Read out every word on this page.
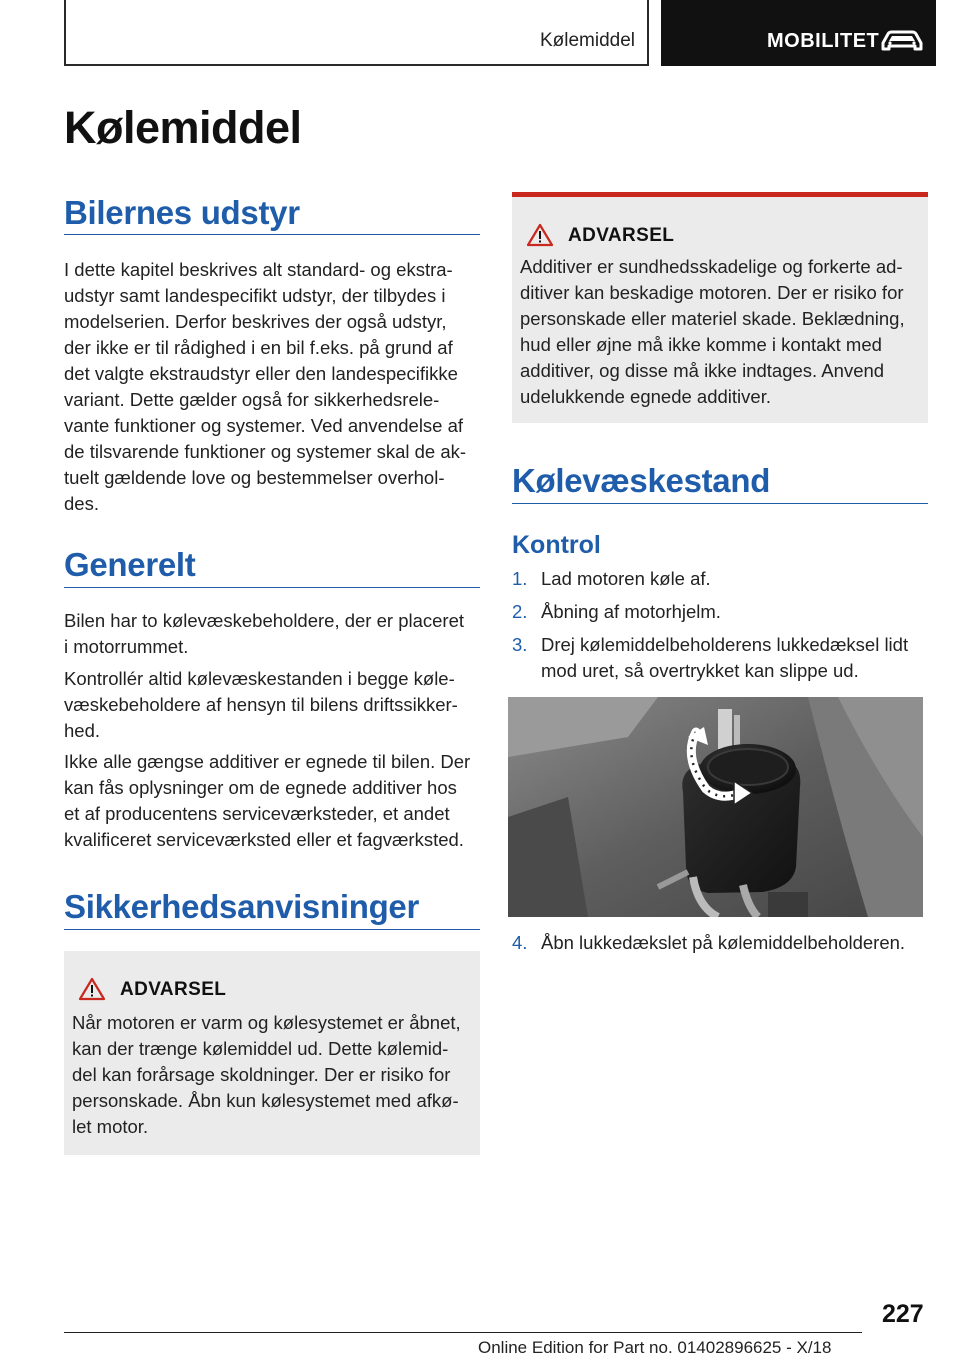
Kølemiddel	MOBILITET
Kølemiddel
Bilernes udstyr
I dette kapitel beskrives alt standard- og ekstra-
udstyr samt landespecifikt udstyr, der tilbydes i
modelserien. Derfor beskrives der også udstyr,
der ikke er til rådighed i en bil f.eks. på grund af
det valgte ekstraudstyr eller den landespecifikke
variant. Dette gælder også for sikkerhedsrele-
vante funktioner og systemer. Ved anvendelse af
de tilsvarende funktioner og systemer skal de ak-
tuelt gældende love og bestemmelser overhol-
des.
Generelt
Bilen har to kølevæskebeholdere, der er placeret
i motorrummet.
Kontrollér altid kølevæskestanden i begge køle-
væskebeholdere af hensyn til bilens driftssikker-
hed.
Ikke alle gængse additiver er egnede til bilen. Der
kan fås oplysninger om de egnede additiver hos
et af producentens serviceværksteder, et andet
kvalificeret serviceværksted eller et fagværksted.
Sikkerhedsanvisninger
ADVARSEL
Når motoren er varm og kølesystemet er åbnet,
kan der trænge kølemiddel ud. Dette kølemid-
del kan forårsage skoldninger. Der er risiko for
personskade. Åbn kun kølesystemet med afkø-
let motor.
ADVARSEL
Additiver er sundhedsskadelige og forkerte ad-
ditiver kan beskadige motoren. Der er risiko for
personskade eller materiel skade. Beklædning,
hud eller øjne må ikke komme i kontakt med
additiver, og disse må ikke indtages. Anvend
udelukkende egnede additiver.
Kølevæskestand
Kontrol
1. Lad motoren køle af.
2. Åbning af motorhjelm.
3. Drej kølemiddelbeholderens lukkedæksel lidt
mod uret, så overtrykket kan slippe ud.
4. Åbn lukkedækslet på kølemiddelbeholderen.
227
Online Edition for Part no. 01402896625 - X/18
